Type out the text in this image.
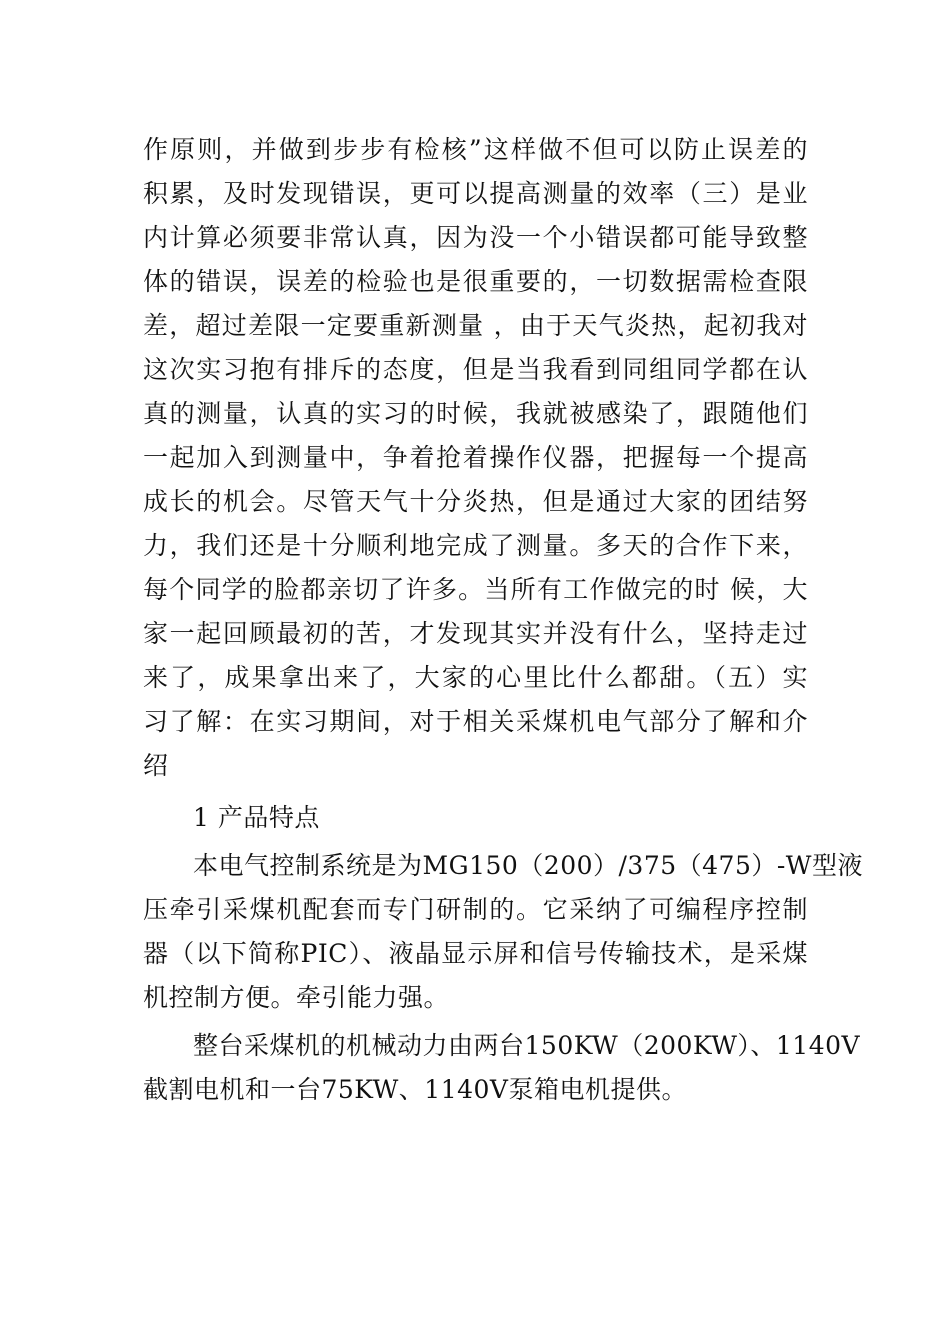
作原则，并做到步步有检核”这样做不但可以防止误差的
积累，及时发现错误，更可以提高测量的效率（三）是业
内计算必须要非常认真，因为没一个小错误都可能导致整
体的错误，误差的检验也是很重要的，一切数据需检查限
差，超过差限一定要重新测量 ，由于天气炎热，起初我对
这次实习抱有排斥的态度，但是当我看到同组同学都在认
真的测量，认真的实习的时候，我就被感染了，跟随他们
一起加入到测量中，争着抢着操作仪器，把握每一个提高
成长的机会。尽管天气十分炎热，但是通过大家的团结努
力，我们还是十分顺利地完成了测量。多天的合作下来，
每个同学的脸都亲切了许多。当所有工作做完的时 候，大
家一起回顾最初的苦，才发现其实并没有什么，坚持走过
来了，成果拿出来了，大家的心里比什么都甜。（五）实
习了解：在实习期间，对于相关采煤机电气部分了解和介
绍
1 产品特点
本电气控制系统是为MG150（200）/375（475）-W型液
压牵引采煤机配套而专门研制的。它采纳了可编程序控制
器（以下简称PIC）、液晶显示屏和信号传输技术，是采煤
机控制方便。牵引能力强。
整台采煤机的机械动力由两台150KW（200KW）、1140V
截割电机和一台75KW、1140V泵箱电机提供。
